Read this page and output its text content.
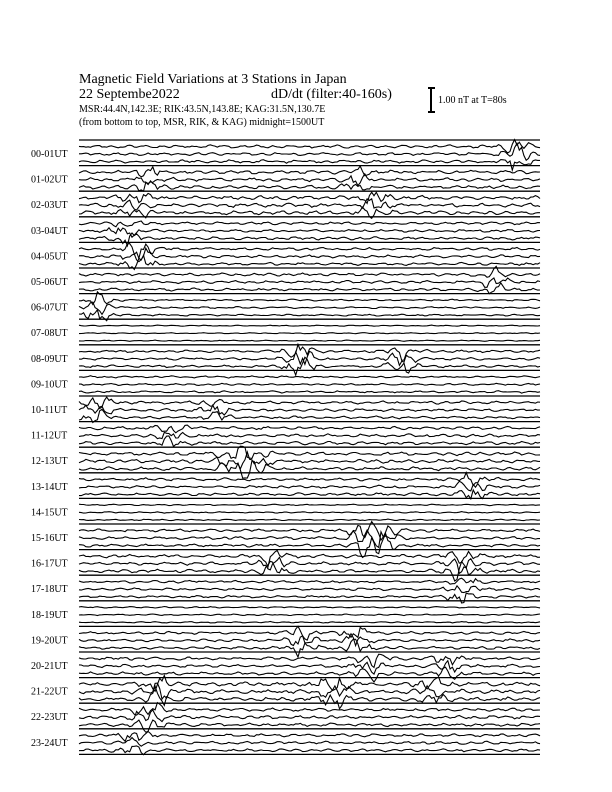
Magnetic Field Variations at 3 Stations in Japan
22 Septembe2022	dD/dt (filter:40-160s)
MSR:44.4N,142.3E; RIK:43.5N,143.8E; KAG:31.5N,130.7E
(from bottom to top, MSR, RIK, & KAG) midnight=1500UT
1.00 nT at T=80s
00-01UT
01-02UT
02-03UT
03-04UT
04-05UT
05-06UT
06-07UT
07-08UT
08-09UT
09-10UT
10-11UT
11-12UT
12-13UT
13-14UT
14-15UT
15-16UT
16-17UT
17-18UT
18-19UT
19-20UT
20-21UT
21-22UT
22-23UT
23-24UT
